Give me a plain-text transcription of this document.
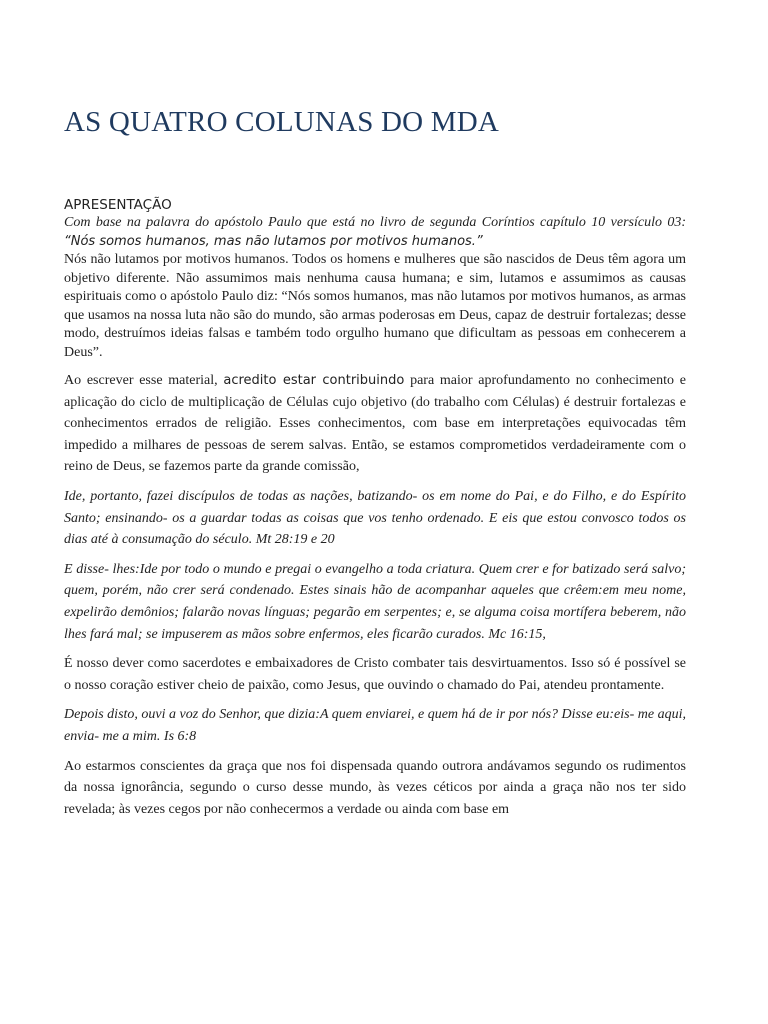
AS QUATRO COLUNAS DO MDA
APRESENTAÇÃO

Com base na palavra do apóstolo Paulo que está no livro de segunda Coríntios capítulo 10 versículo 03: “Nós somos humanos, mas não lutamos por motivos humanos.”

Nós não lutamos por motivos humanos. Todos os homens e mulheres que são nascidos de Deus têm agora um objetivo diferente. Não assumimos mais nenhuma causa humana; e sim, lutamos e assumimos as causas espirituais como o apóstolo Paulo diz: “Nós somos humanos, mas não lutamos por motivos humanos, as armas que usamos na nossa luta não são do mundo, são armas poderosas em Deus, capaz de destruir fortalezas; desse modo, destruímos ideias falsas e também todo orgulho humano que dificultam as pessoas em conhecerem a Deus”.

Ao escrever esse material, acredito estar contribuindo para maior aprofundamento no conhecimento e aplicação do ciclo de multiplicação de Células cujo objetivo (do trabalho com Células) é destruir fortalezas e conhecimentos errados de religião. Esses conhecimentos, com base em interpretações equivocadas têm impedido a milhares de pessoas de serem salvas. Então, se estamos comprometidos verdadeiramente com o reino de Deus, se fazemos parte da grande comissão,

Ide, portanto, fazei discípulos de todas as nações, batizando- os em nome do Pai, e do Filho, e do Espírito Santo; ensinando- os a guardar todas as coisas que vos tenho ordenado. E eis que estou convosco todos os dias até à consumação do século. Mt 28:19 e 20

E disse- lhes:Ide por todo o mundo e pregai o evangelho a toda criatura. Quem crer e for batizado será salvo; quem, porém, não crer será condenado. Estes sinais hão de acompanhar aqueles que crêem:em meu nome, expelirão demônios; falarão novas línguas; pegarão em serpentes; e, se alguma coisa mortífera beberem, não lhes fará mal; se impuserem as mãos sobre enfermos, eles ficarão curados. Mc 16:15,

É nosso dever como sacerdotes e embaixadores de Cristo combater tais desvirtuamentos. Isso só é possível se o nosso coração estiver cheio de paixão, como Jesus, que ouvindo o chamado do Pai, atendeu prontamente.

Depois disto, ouvi a voz do Senhor, que dizia:A quem enviarei, e quem há de ir por nós? Disse eu:eis- me aqui, envia- me a mim. Is 6:8

Ao estarmos conscientes da graça que nos foi dispensada quando outrora andávamos segundo os rudimentos da nossa ignorância, segundo o curso desse mundo, às vezes céticos por ainda a graça não nos ter sido revelada; às vezes cegos por não conhecermos a verdade ou ainda com base em
